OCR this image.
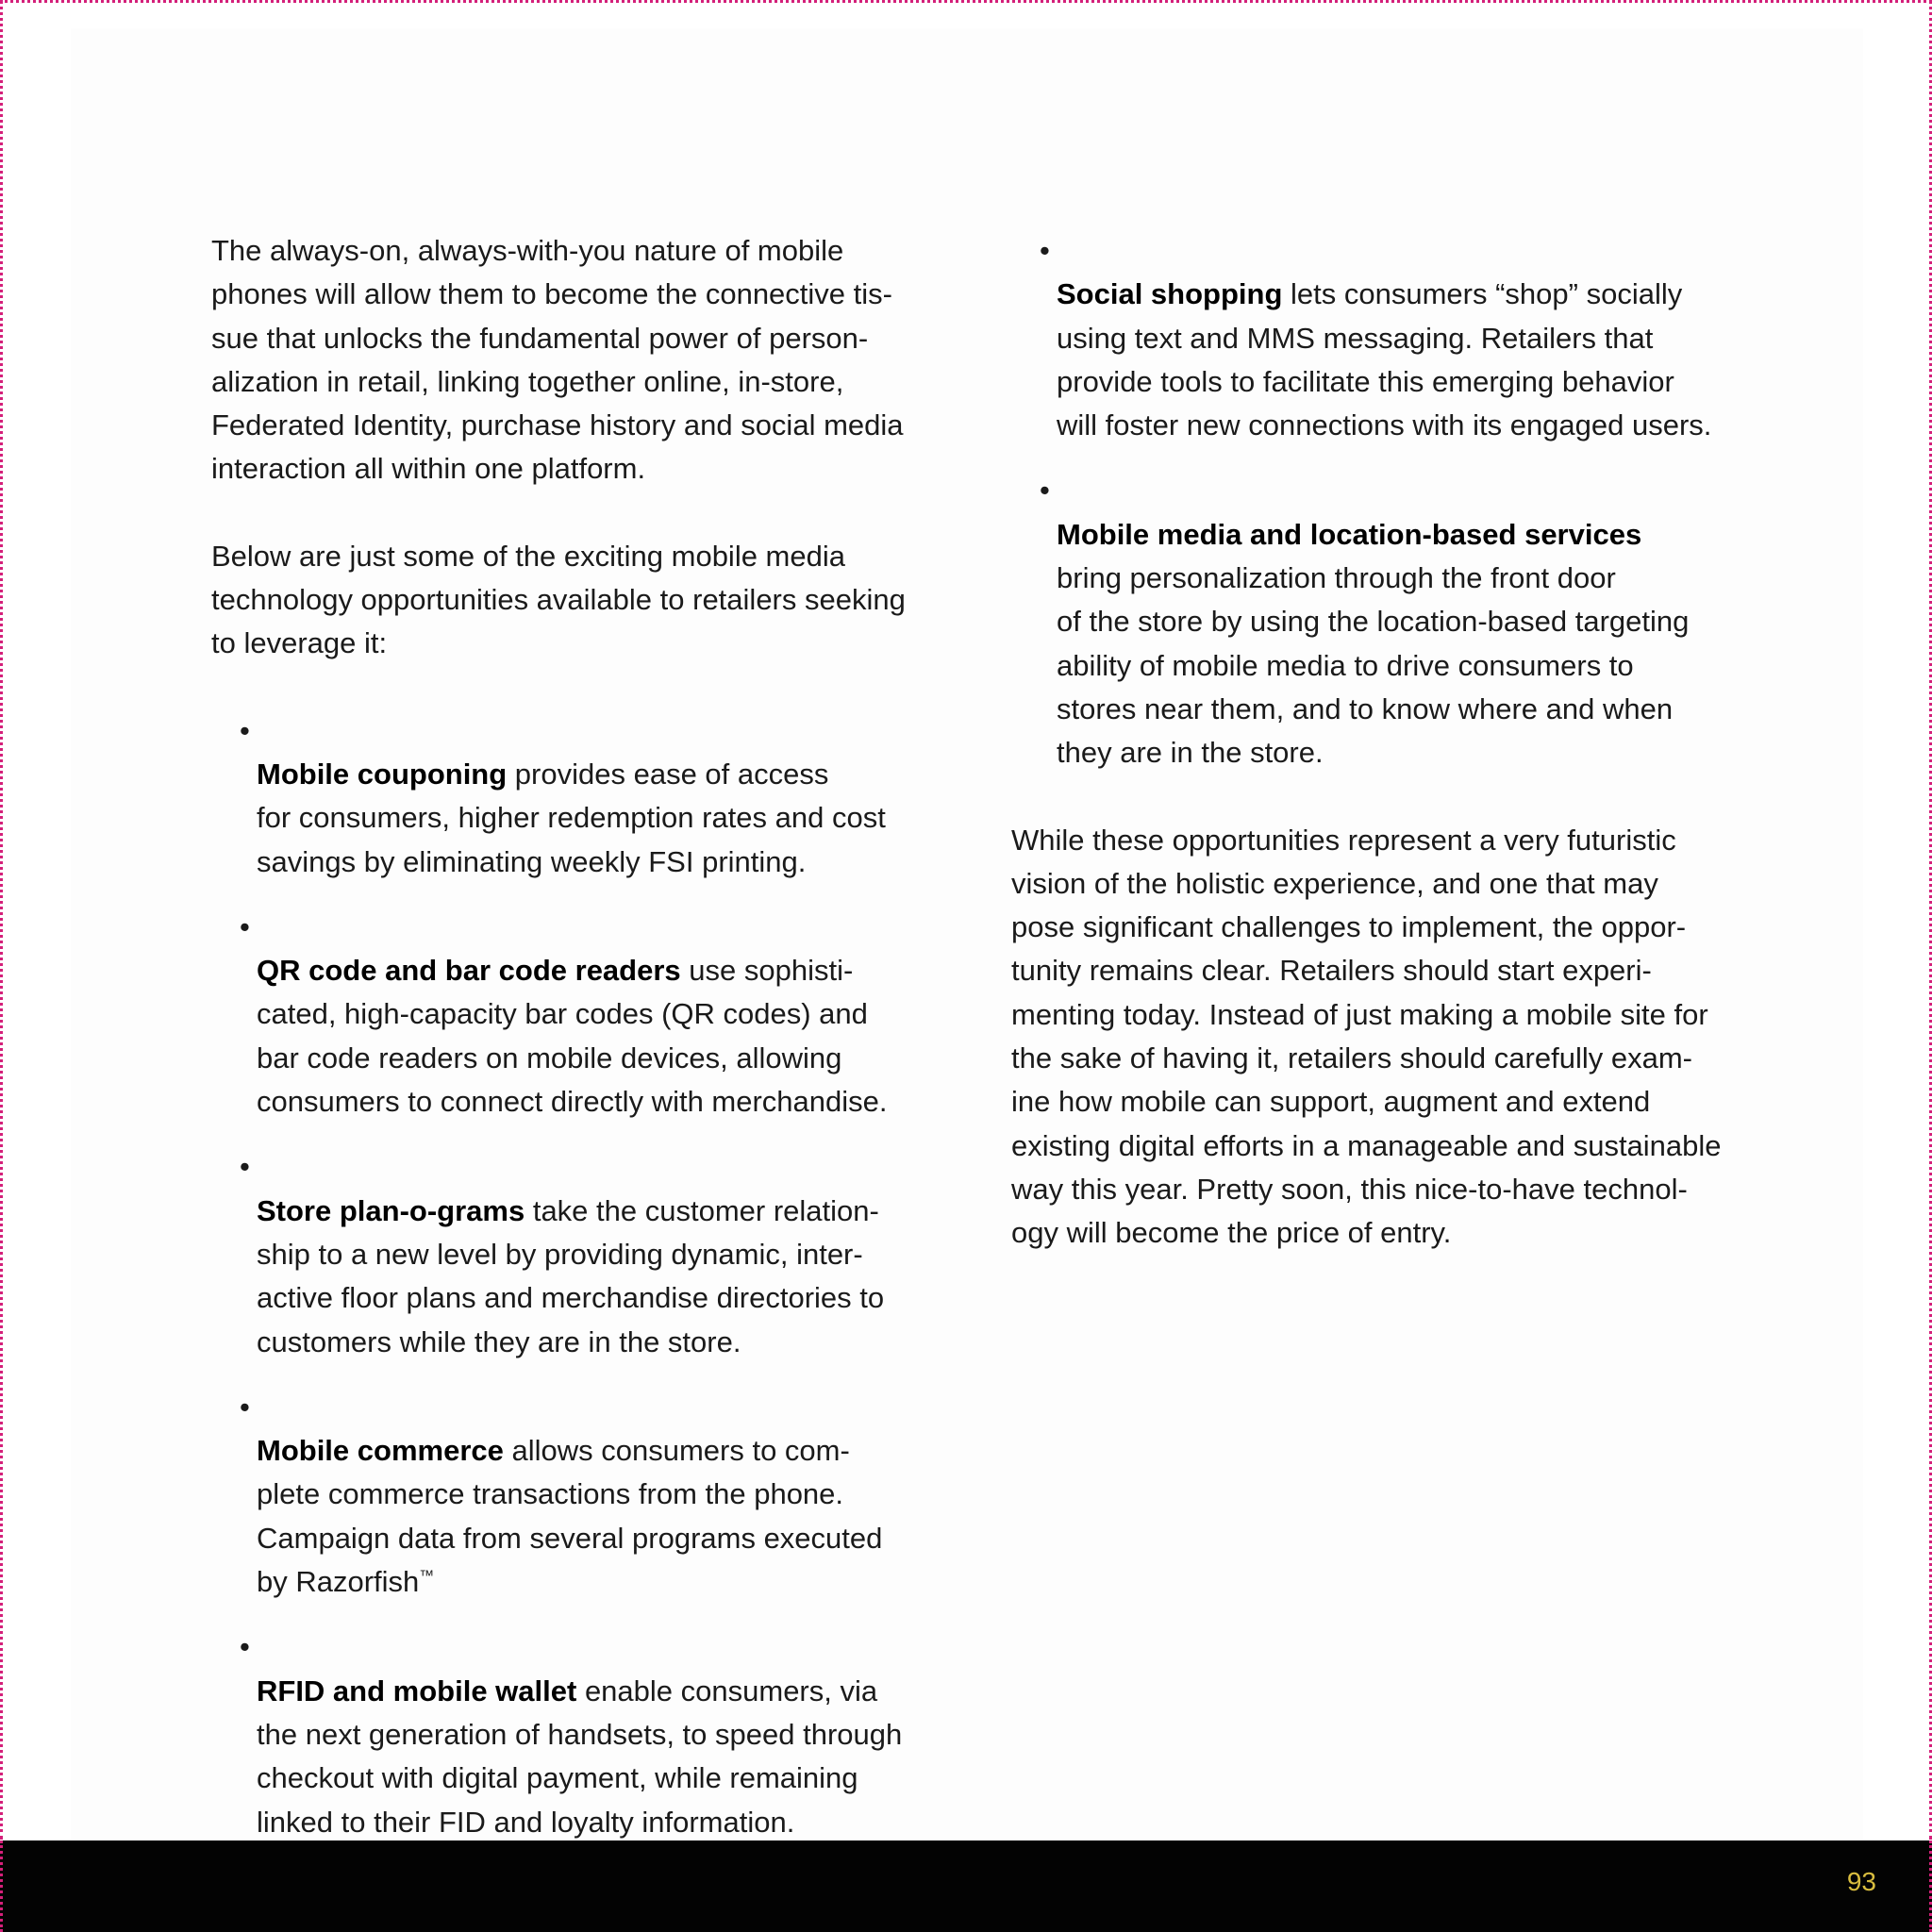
The always-on, always-with-you nature of mobile
phones will allow them to become the connective tis-
sue that unlocks the fundamental power of person-
alization in retail, linking together online, in-store,
Federated Identity, purchase history and social media
interaction all within one platform.

Below are just some of the exciting mobile media
technology opportunities available to retailers seeking
to leverage it:

•
Mobile couponing provides ease of access
for consumers, higher redemption rates and cost
savings by eliminating weekly FSI printing.

•
QR code and bar code readers use sophisti-
cated, high-capacity bar codes (QR codes) and
bar code readers on mobile devices, allowing
consumers to connect directly with merchandise.

•
Store plan-o-grams take the customer relation-
ship to a new level by providing dynamic, inter-
active floor plans and merchandise directories to
customers while they are in the store.

•
Mobile commerce allows consumers to com-
plete commerce transactions from the phone.
Campaign data from several programs executed
by Razorfish™

•
RFID and mobile wallet enable consumers, via
the next generation of handsets, to speed through
checkout with digital payment, while remaining
linked to their FID and loyalty information.

•
Social shopping lets consumers “shop” socially
using text and MMS messaging. Retailers that
provide tools to facilitate this emerging behavior
will foster new connections with its engaged users.

•
Mobile media and location-based services
bring personalization through the front door
of the store by using the location-based targeting
ability of mobile media to drive consumers to
stores near them, and to know where and when
they are in the store.

While these opportunities represent a very futuristic
vision of the holistic experience, and one that may
pose significant challenges to implement, the oppor-
tunity remains clear. Retailers should start experi-
menting today. Instead of just making a mobile site for
the sake of having it, retailers should carefully exam-
ine how mobile can support, augment and extend
existing digital efforts in a manageable and sustainable
way this year. Pretty soon, this nice-to-have technol-
ogy will become the price of entry.

93
